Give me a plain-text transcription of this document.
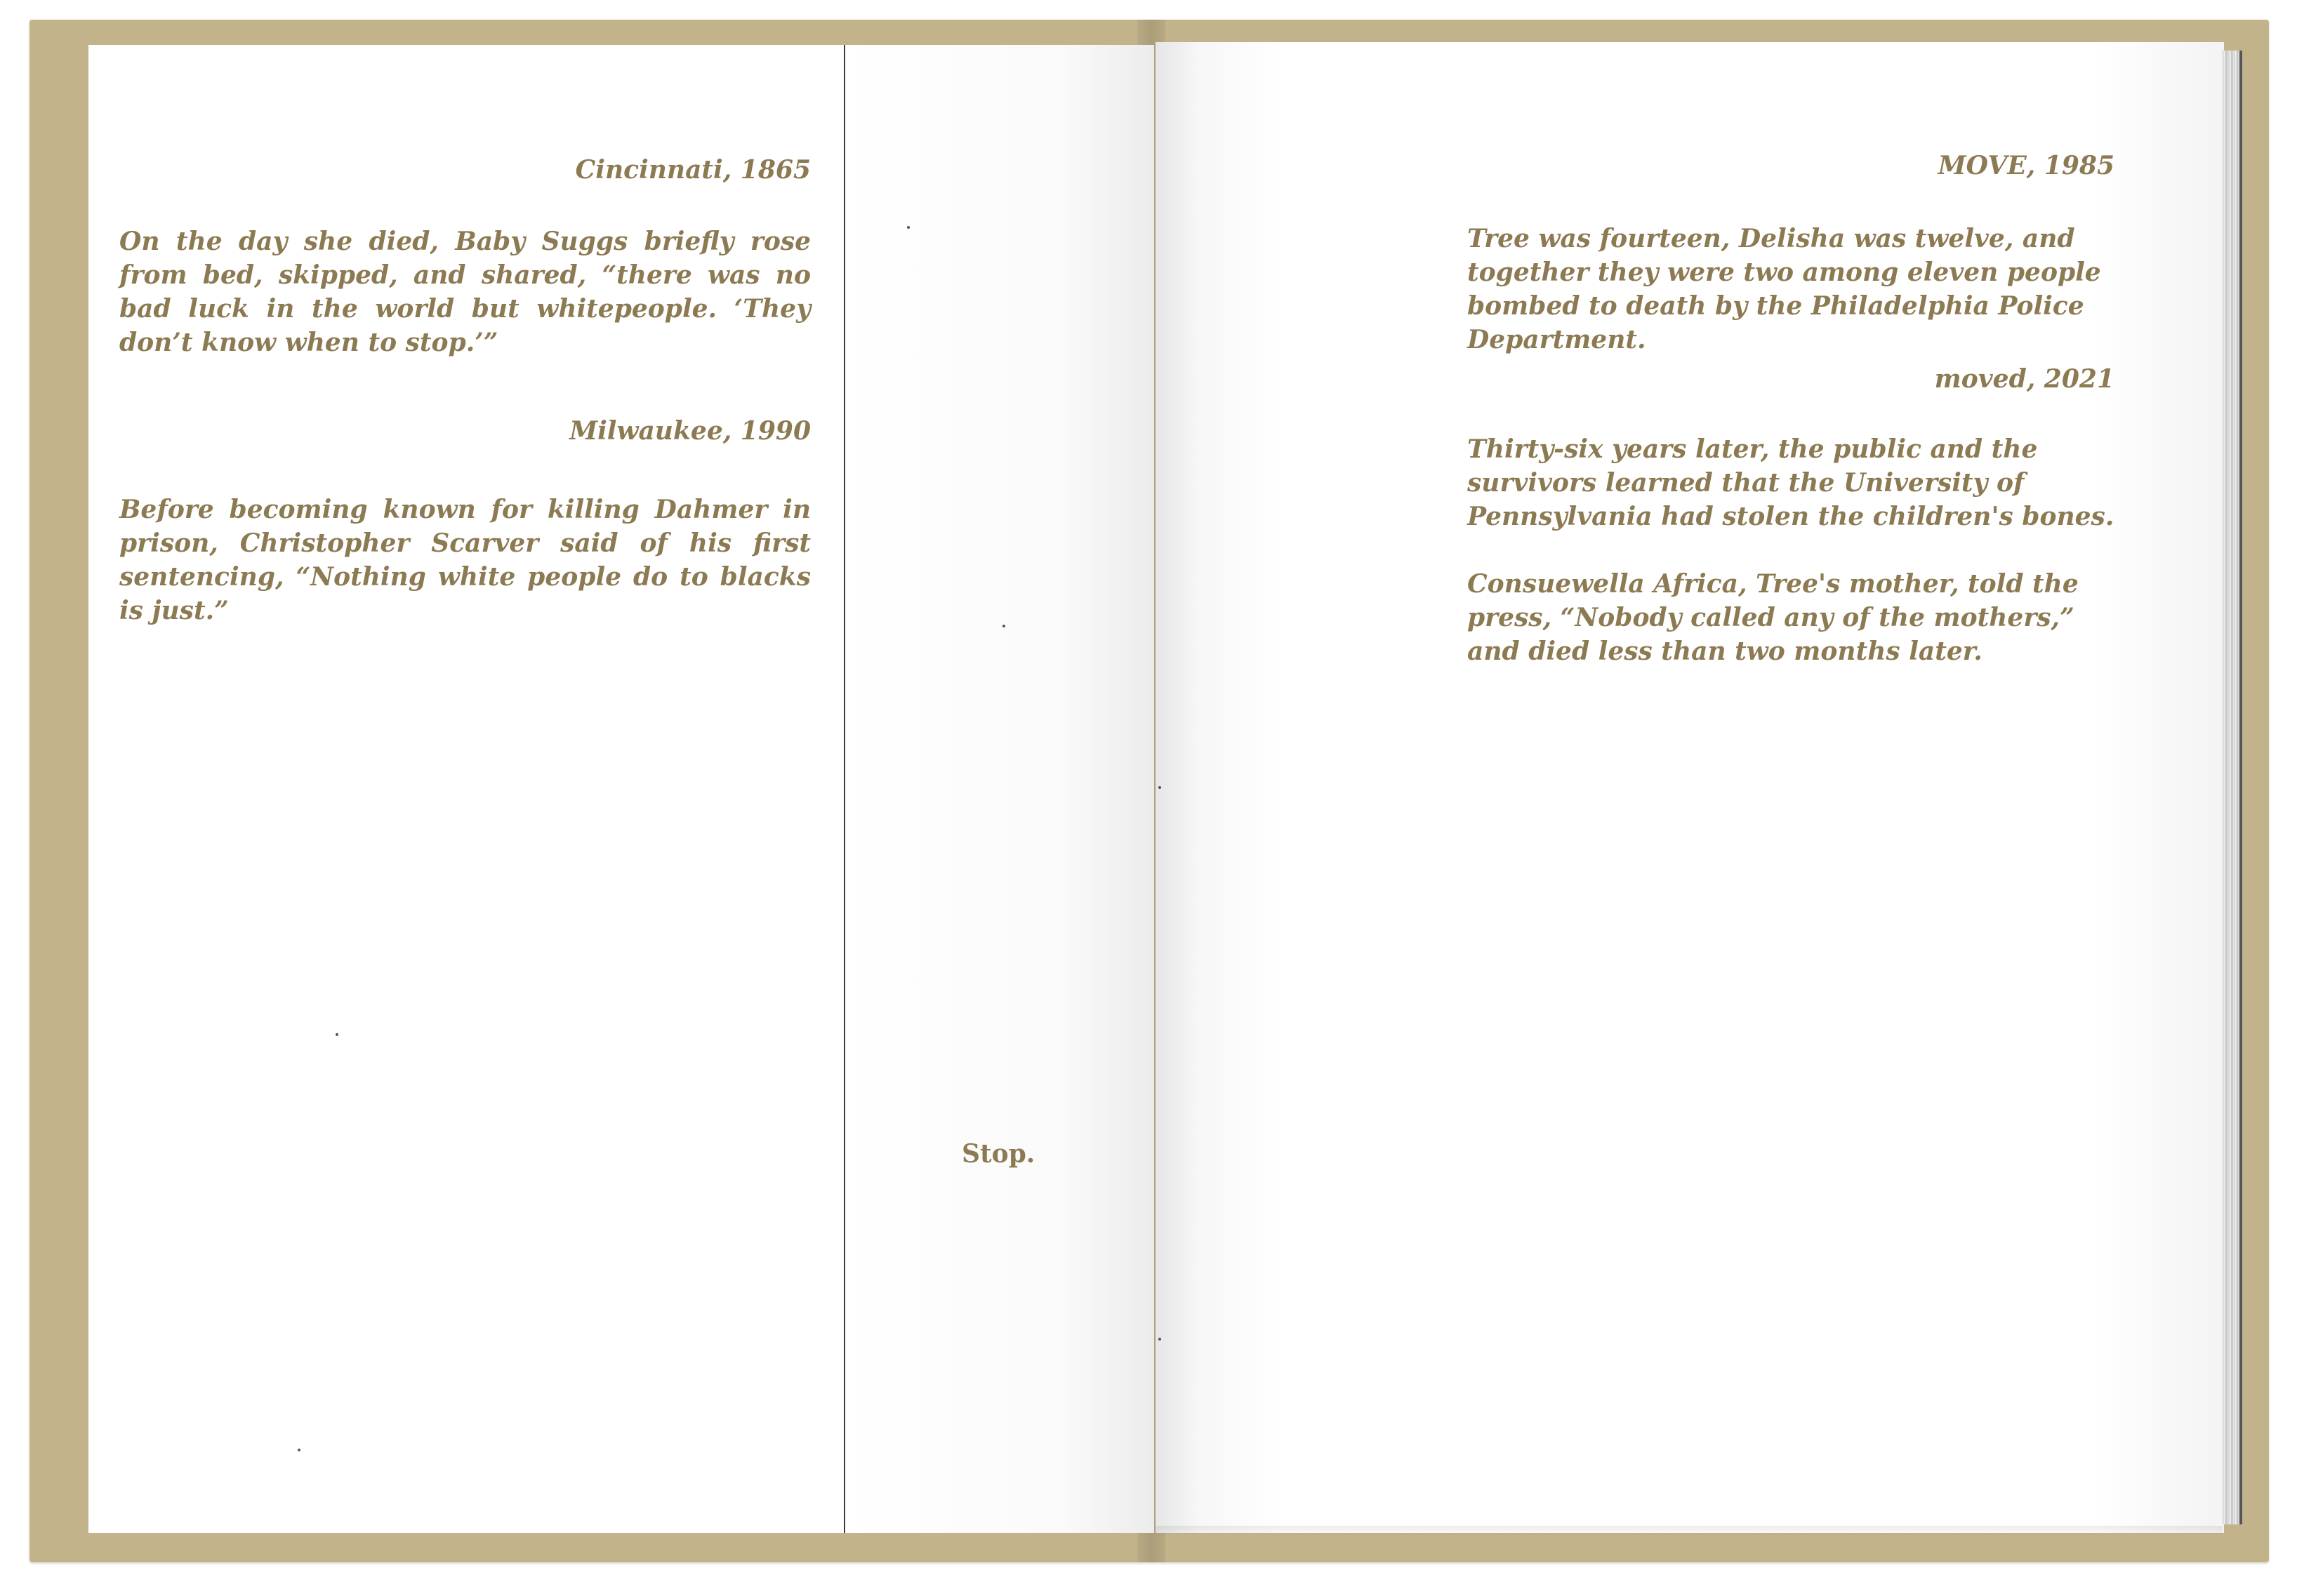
Cincinnati, 1865

On the day she died, Baby Suggs briefly rose from bed, skipped, and shared, “there was no bad luck in the world but whitepeople. ‘They don’t know when to stop.’”

Milwaukee, 1990

Before becoming known for killing Dahmer in prison, Christopher Scarver said of his first sentencing, “Nothing white people do to blacks is just.”

Stop.

MOVE, 1985

Tree was fourteen, Delisha was twelve, and together they were two among eleven people bombed to death by the Philadelphia Police Department.

moved, 2021

Thirty-six years later, the public and the survivors learned that the University of Pennsylvania had stolen the children's bones.

Consuewella Africa, Tree's mother, told the press, “Nobody called any of the mothers,” and died less than two months later.
